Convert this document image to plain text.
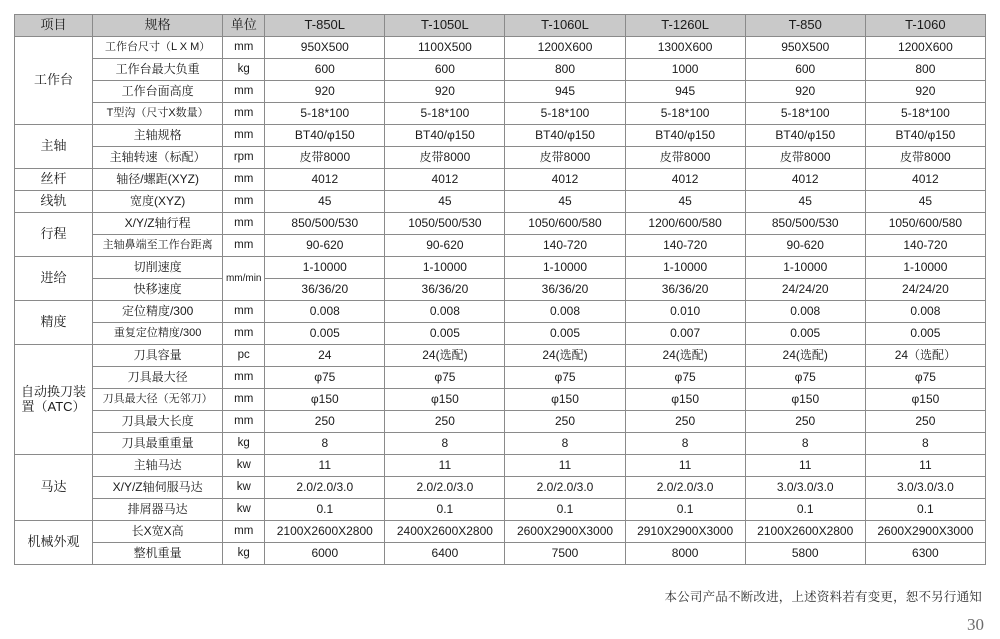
项目	规格	单位	T-850L	T-1050L	T-1060L	T-1260L	T-850	T-1060
工作台	工作台尺寸（L X M）	mm	950X500	1100X500	1200X600	1300X600	950X500	1200X600
	工作台最大负重	kg	600	600	800	1000	600	800
	工作台面高度	mm	920	920	945	945	920	920
	T型沟（尺寸X数量）	mm	5-18*100	5-18*100	5-18*100	5-18*100	5-18*100	5-18*100
主轴	主轴规格	mm	BT40/φ150	BT40/φ150	BT40/φ150	BT40/φ150	BT40/φ150	BT40/φ150
	主轴转速（标配）	rpm	皮带8000	皮带8000	皮带8000	皮带8000	皮带8000	皮带8000
丝杆	轴径/螺距(XYZ)	mm	4012	4012	4012	4012	4012	4012
线轨	宽度(XYZ)	mm	45	45	45	45	45	45
行程	X/Y/Z轴行程	mm	850/500/530	1050/500/530	1050/600/580	1200/600/580	850/500/530	1050/600/580
	主轴鼻端至工作台距离	mm	90-620	90-620	140-720	140-720	90-620	140-720
进给	切削速度	mm/min	1-10000	1-10000	1-10000	1-10000	1-10000	1-10000
	快移速度		36/36/20	36/36/20	36/36/20	36/36/20	24/24/20	24/24/20
精度	定位精度/300	mm	0.008	0.008	0.008	0.010	0.008	0.008
	重复定位精度/300	mm	0.005	0.005	0.005	0.007	0.005	0.005
自动换刀装置（ATC）	刀具容量	pc	24	24(选配)	24(选配)	24(选配)	24(选配)	24（选配）
	刀具最大径	mm	φ75	φ75	φ75	φ75	φ75	φ75
	刀具最大径（无邻刀）	mm	φ150	φ150	φ150	φ150	φ150	φ150
	刀具最大长度	mm	250	250	250	250	250	250
	刀具最重重量	kg	8	8	8	8	8	8
马达	主轴马达	kw	11	11	11	11	11	11
	X/Y/Z轴伺服马达	kw	2.0/2.0/3.0	2.0/2.0/3.0	2.0/2.0/3.0	2.0/2.0/3.0	3.0/3.0/3.0	3.0/3.0/3.0
	排屑器马达	kw	0.1	0.1	0.1	0.1	0.1	0.1
机械外观	长X宽X高	mm	2100X2600X2800	2400X2600X2800	2600X2900X3000	2910X2900X3000	2100X2600X2800	2600X2900X3000
	整机重量	kg	6000	6400	7500	8000	5800	6300
本公司产品不断改进，上述资料若有变更，恕不另行通知
30
